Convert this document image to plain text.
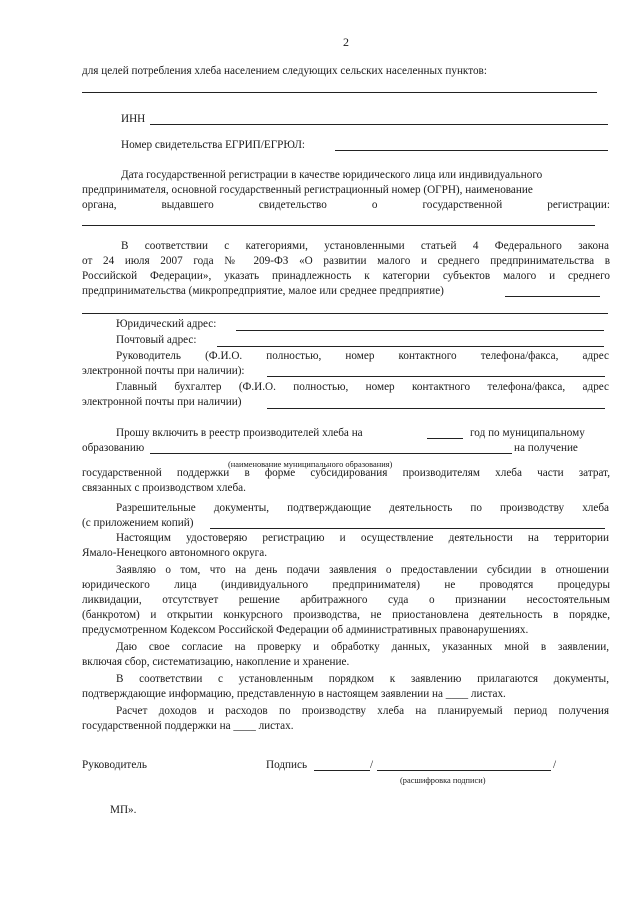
2
для целей потребления хлеба населением следующих сельских населенных пунктов:
ИНН
Номер свидетельства ЕГРИП/ЕГРЮЛ:
Дата государственной регистрации в качестве юридического лица или индивидуального
предпринимателя, основной государственный регистрационный номер (ОГРН), наименование
органа, выдавшего свидетельство о государственной регистрации:
В соответствии с категориями, установленными статьей 4 Федерального закона
от 24 июля 2007 года № 209-ФЗ «О развитии малого и среднего предпринимательства в
Российской Федерации», указать принадлежность к категории субъектов малого и среднего
предпринимательства (микропредприятие, малое или среднее предприятие)
Юридический адрес:
Почтовый адрес:
Руководитель (Ф.И.О. полностью, номер контактного телефона/факса, адрес
электронной почты при наличии):
Главный бухгалтер (Ф.И.О. полностью, номер контактного телефона/факса, адрес
электронной почты при наличии)
Прошу включить в реестр производителей хлеба на	год по муниципальному
образованию	на получение
(наименование муниципального образования)
государственной поддержки в форме субсидирования производителям хлеба части затрат,
связанных с производством хлеба.
Разрешительные документы, подтверждающие деятельность по производству хлеба
(с приложением копий)
Настоящим удостоверяю регистрацию и осуществление деятельности на территории
Ямало-Ненецкого автономного округа.
Заявляю о том, что на день подачи заявления о предоставлении субсидии в отношении
юридического лица (индивидуального предпринимателя) не проводятся процедуры
ликвидации, отсутствует решение арбитражного суда о признании несостоятельным
(банкротом) и открытии конкурсного производства, не приостановлена деятельность в порядке,
предусмотренном Кодексом Российской Федерации об административных правонарушениях.
Даю свое согласие на проверку и обработку данных, указанных мной в заявлении,
включая сбор, систематизацию, накопление и хранение.
В соответствии с установленным порядком к заявлению прилагаются документы,
подтверждающие информацию, представленную в настоящем заявлении на ____ листах.
Расчет доходов и расходов по производству хлеба на планируемый период получения
государственной поддержки на ____ листах.
Руководитель	Подпись	/	/
(расшифровка подписи)
МП».
